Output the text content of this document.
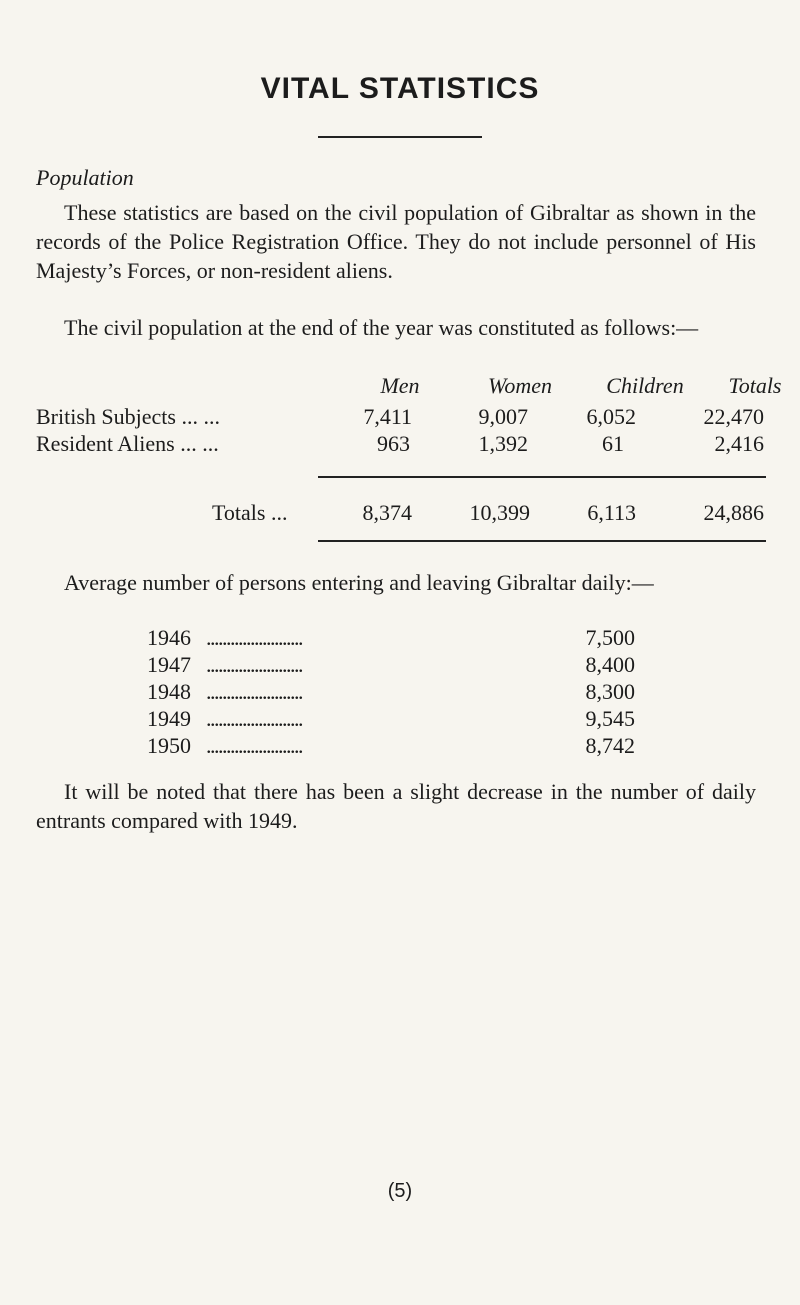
VITAL STATISTICS
Population
These statistics are based on the civil population of Gibraltar as shown in the records of the Police Registration Office. They do not include personnel of His Majesty’s Forces, or non-resident aliens.
The civil population at the end of the year was constituted as follows:—
Men	Women	Children	Totals
British Subjects ... ...	7,411	9,007	6,052	22,470
Resident Aliens ... ...	963	1,392	61	2,416
Totals ...	8,374	10,399	6,113	24,886
Average number of persons entering and leaving Gibraltar daily:—
1946 ........................	7,500
1947 ........................	8,400
1948 ........................	8,300
1949 ........................	9,545
1950 ........................	8,742
It will be noted that there has been a slight decrease in the number of daily entrants compared with 1949.
(5)
